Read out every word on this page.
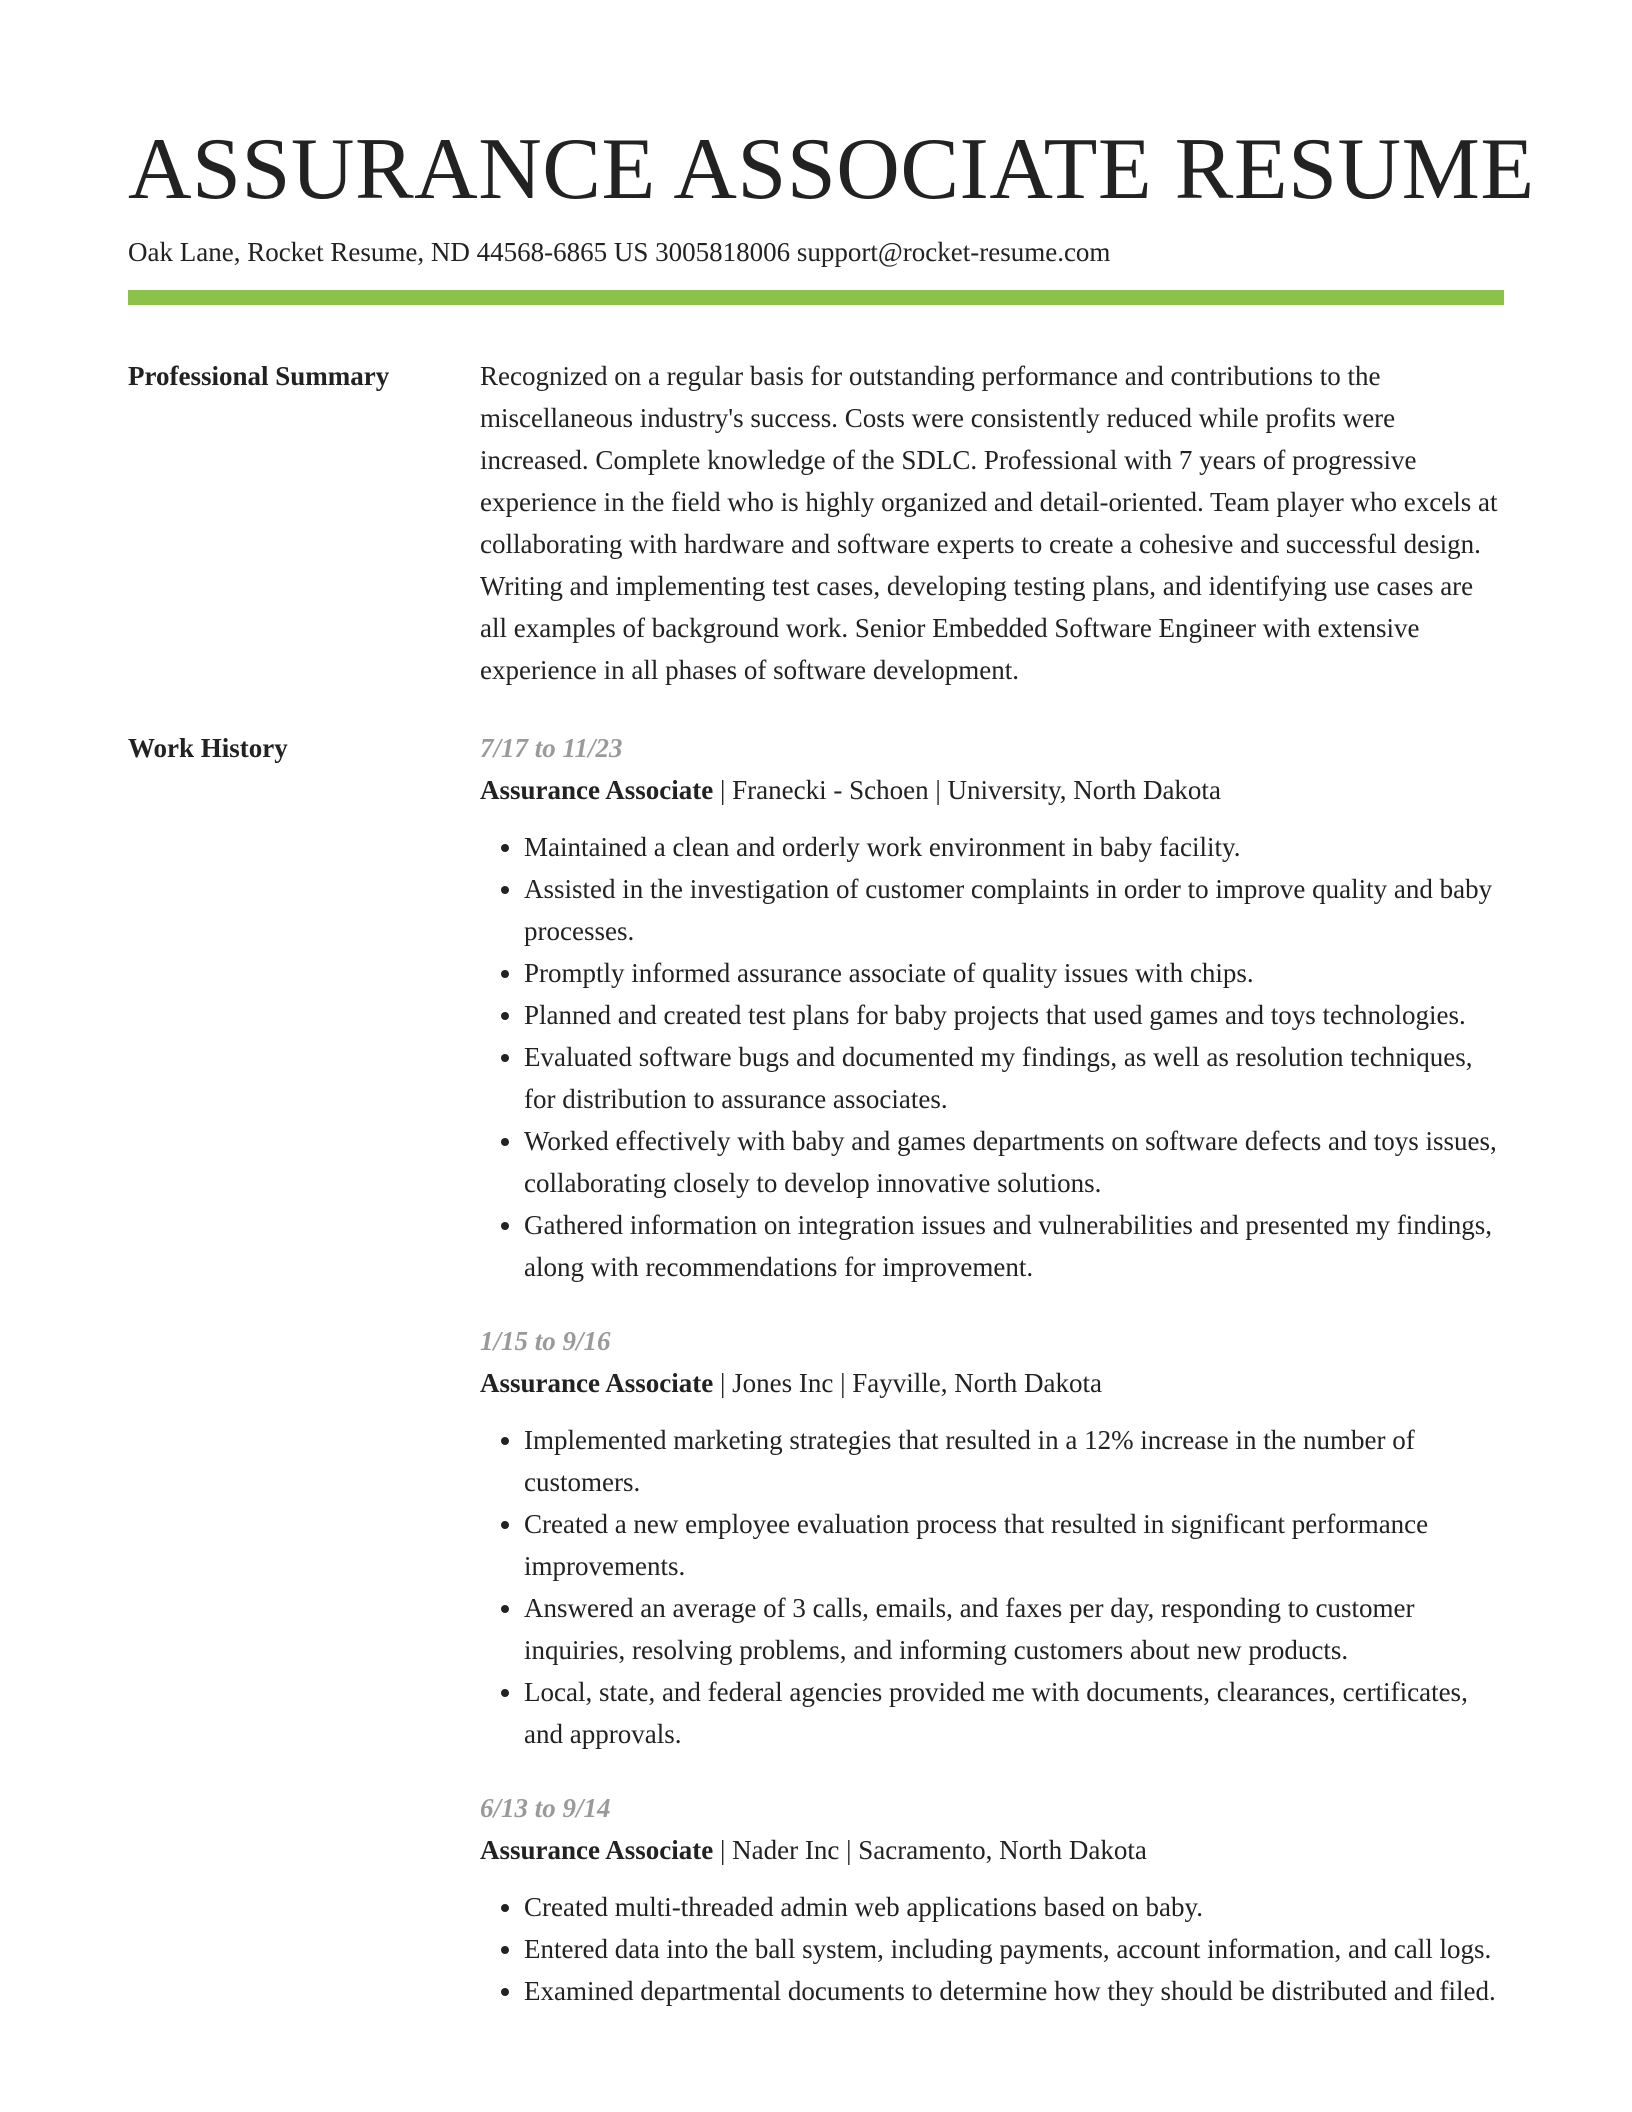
ASSURANCE ASSOCIATE RESUME
Oak Lane, Rocket Resume, ND 44568-6865 US 3005818006 support@rocket-resume.com
Professional Summary	Recognized on a regular basis for outstanding performance and contributions to the miscellaneous industry's success. Costs were consistently reduced while profits were increased. Complete knowledge of the SDLC. Professional with 7 years of progressive experience in the field who is highly organized and detail-oriented. Team player who excels at collaborating with hardware and software experts to create a cohesive and successful design. Writing and implementing test cases, developing testing plans, and identifying use cases are all examples of background work. Senior Embedded Software Engineer with extensive experience in all phases of software development.

Work History	7/17 to 11/23
Assurance Associate | Franecki - Schoen | University, North Dakota
• Maintained a clean and orderly work environment in baby facility.
• Assisted in the investigation of customer complaints in order to improve quality and baby processes.
• Promptly informed assurance associate of quality issues with chips.
• Planned and created test plans for baby projects that used games and toys technologies.
• Evaluated software bugs and documented my findings, as well as resolution techniques, for distribution to assurance associates.
• Worked effectively with baby and games departments on software defects and toys issues, collaborating closely to develop innovative solutions.
• Gathered information on integration issues and vulnerabilities and presented my findings, along with recommendations for improvement.
1/15 to 9/16
Assurance Associate | Jones Inc | Fayville, North Dakota
• Implemented marketing strategies that resulted in a 12% increase in the number of customers.
• Created a new employee evaluation process that resulted in significant performance improvements.
• Answered an average of 3 calls, emails, and faxes per day, responding to customer inquiries, resolving problems, and informing customers about new products.
• Local, state, and federal agencies provided me with documents, clearances, certificates, and approvals.
6/13 to 9/14
Assurance Associate | Nader Inc | Sacramento, North Dakota
• Created multi-threaded admin web applications based on baby.
• Entered data into the ball system, including payments, account information, and call logs.
• Examined departmental documents to determine how they should be distributed and filed.
